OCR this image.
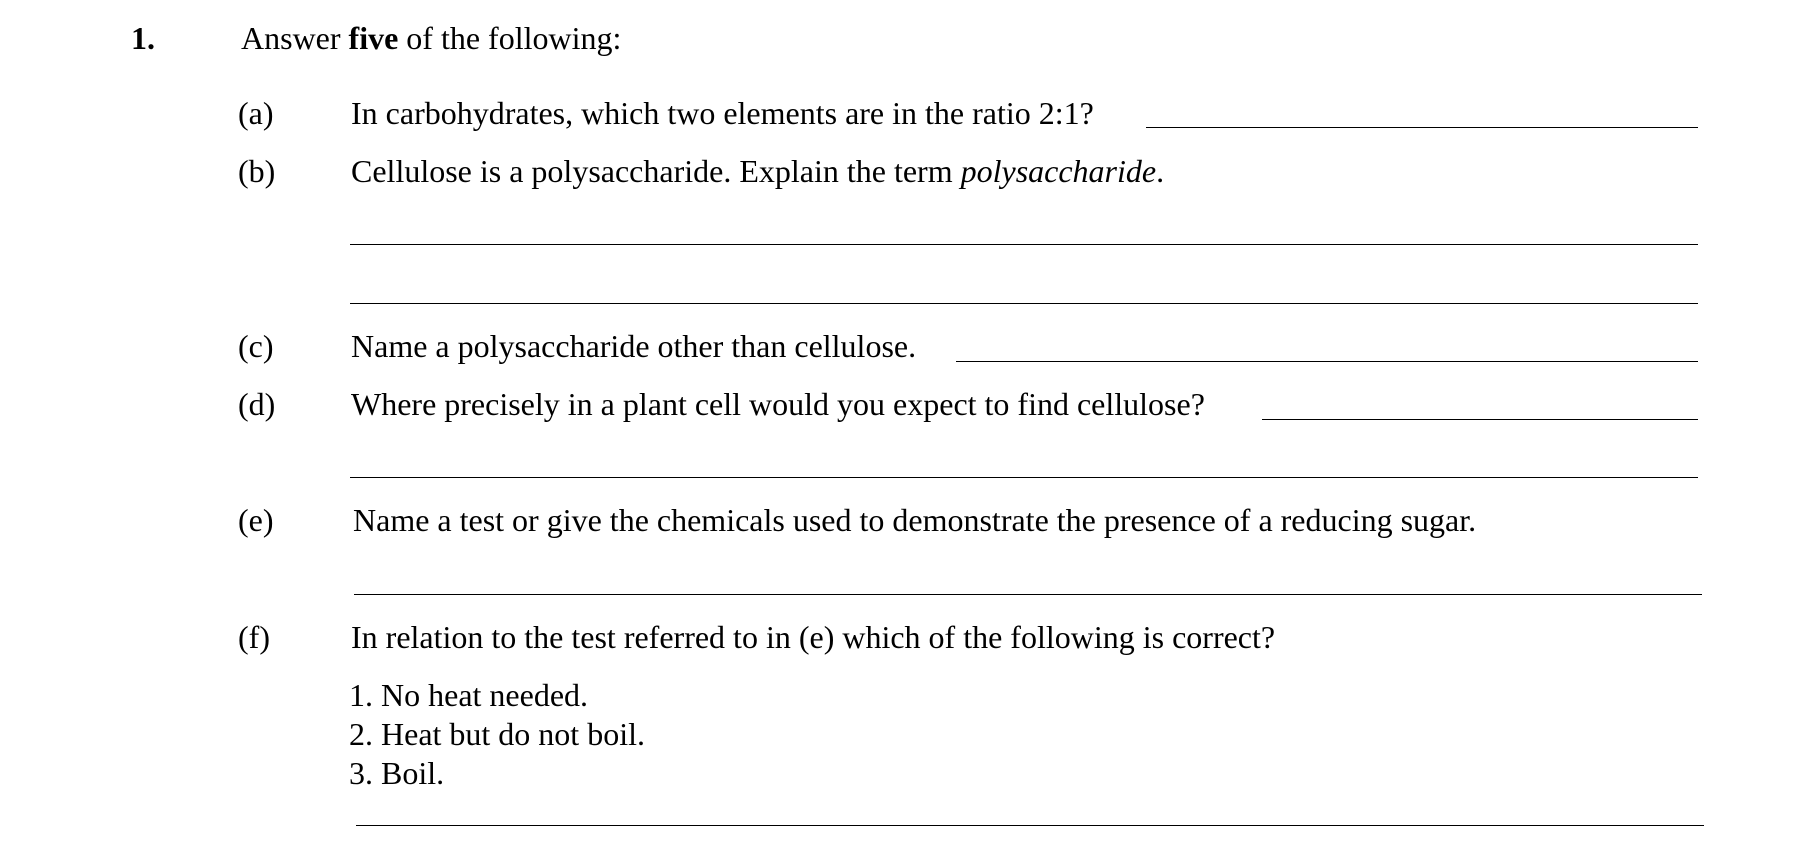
1.	Answer five of the following:
(a) In carbohydrates, which two elements are in the ratio 2:1?
(b) Cellulose is a polysaccharide. Explain the term polysaccharide.
(c) Name a polysaccharide other than cellulose.
(d) Where precisely in a plant cell would you expect to find cellulose?
(e) Name a test or give the chemicals used to demonstrate the presence of a reducing sugar.
(f)	In relation to the test referred to in (e) which of the following is correct?
1. No heat needed.
2. Heat but do not boil.
3. Boil.
